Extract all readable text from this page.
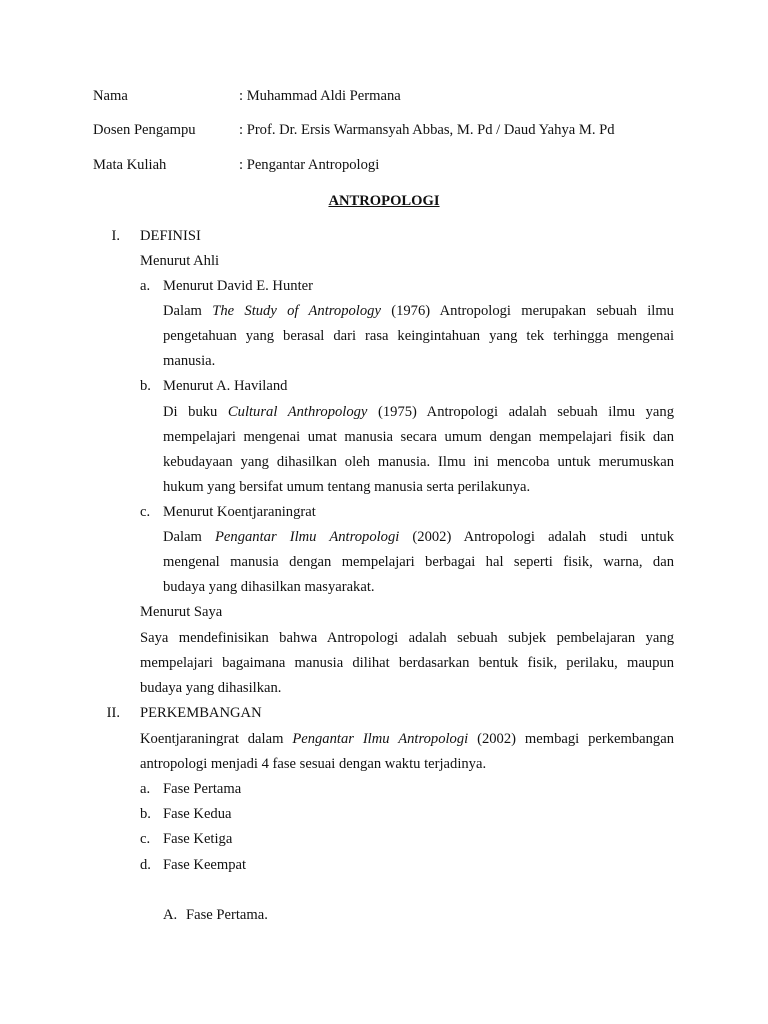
Nama	: Muhammad Aldi Permana
Dosen Pengampu	: Prof. Dr. Ersis Warmansyah Abbas, M. Pd / Daud Yahya M. Pd
Mata Kuliah	: Pengantar Antropologi
ANTROPOLOGI
I. DEFINISI
Menurut Ahli
a. Menurut David E. Hunter
Dalam The Study of Antropology (1976) Antropologi merupakan sebuah ilmu
pengetahuan yang berasal dari rasa keingintahuan yang tek terhingga mengenai
manusia.
b. Menurut A. Haviland
Di buku Cultural Anthropology (1975) Antropologi adalah sebuah ilmu yang
mempelajari mengenai umat manusia secara umum dengan mempelajari fisik dan
kebudayaan yang dihasilkan oleh manusia. Ilmu ini mencoba untuk merumuskan
hukum yang bersifat umum tentang manusia serta perilakunya.
c. Menurut Koentjaraningrat
Dalam Pengantar Ilmu Antropologi (2002) Antropologi adalah studi untuk
mengenal manusia dengan mempelajari berbagai hal seperti fisik, warna, dan
budaya yang dihasilkan masyarakat.
Menurut Saya
Saya mendefinisikan bahwa Antropologi adalah sebuah subjek pembelajaran yang
mempelajari bagaimana manusia dilihat berdasarkan bentuk fisik, perilaku, maupun
budaya yang dihasilkan.
II. PERKEMBANGAN
Koentjaraningrat dalam Pengantar Ilmu Antropologi (2002) membagi perkembangan
antropologi menjadi 4 fase sesuai dengan waktu terjadinya.
a. Fase Pertama
b. Fase Kedua
c. Fase Ketiga
d. Fase Keempat
A. Fase Pertama.
